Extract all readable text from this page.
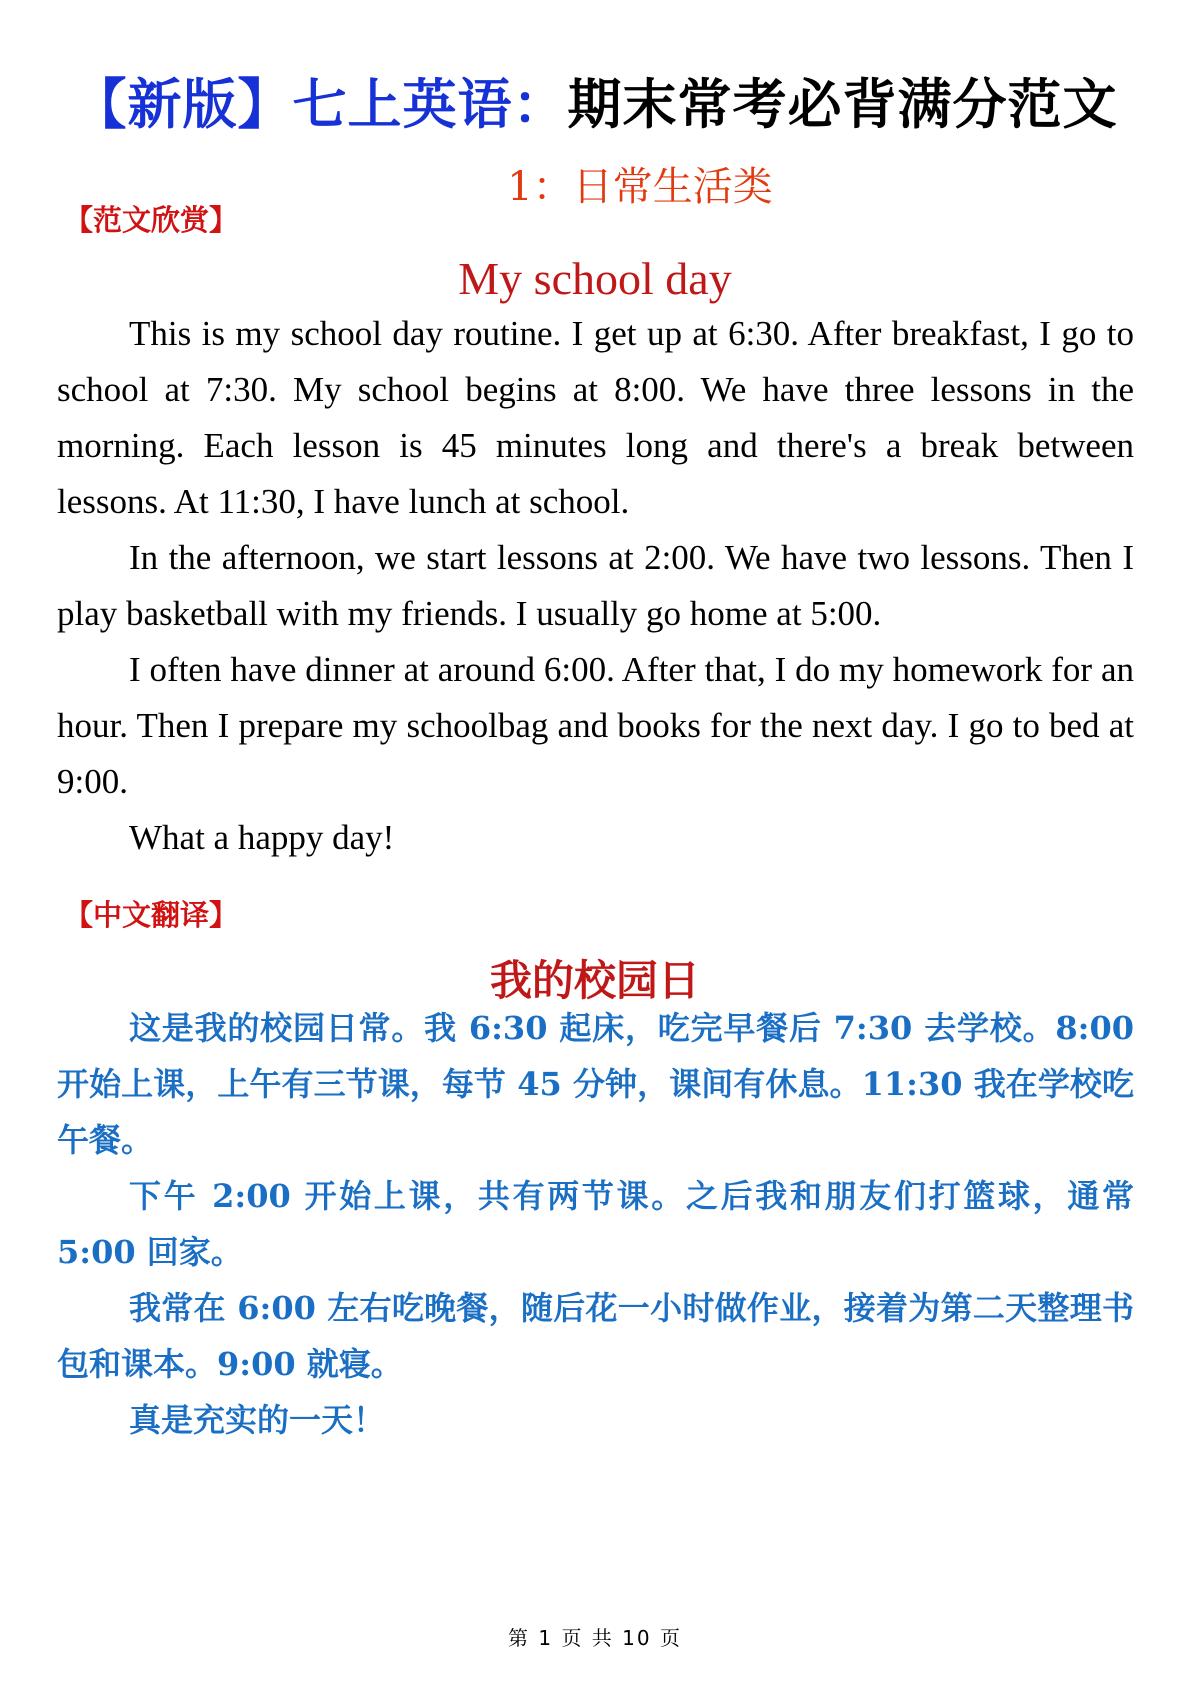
【新版】七上英语：期末常考必背满分范文
1：日常生活类
【范文欣赏】
My school day

This is my school day routine. I get up at 6:30. After breakfast, I go to school at 7:30. My school begins at 8:00. We have three lessons in the morning. Each lesson is 45 minutes long and there's a break between lessons. At 11:30, I have lunch at school.

In the afternoon, we start lessons at 2:00. We have two lessons. Then I play basketball with my friends. I usually go home at 5:00.

I often have dinner at around 6:00. After that, I do my homework for an hour. Then I prepare my schoolbag and books for the next day. I go to bed at 9:00.

What a happy day!

【中文翻译】
我的校园日

这是我的校园日常。我 6:30 起床，吃完早餐后 7:30 去学校。8:00 开始上课，上午有三节课，每节 45 分钟，课间有休息。11:30 我在学校吃午餐。

下午 2:00 开始上课，共有两节课。之后我和朋友们打篮球，通常 5:00 回家。

我常在 6:00 左右吃晚餐，随后花一小时做作业，接着为第二天整理书包和课本。9:00 就寝。

真是充实的一天！

第 1 页 共 10 页
